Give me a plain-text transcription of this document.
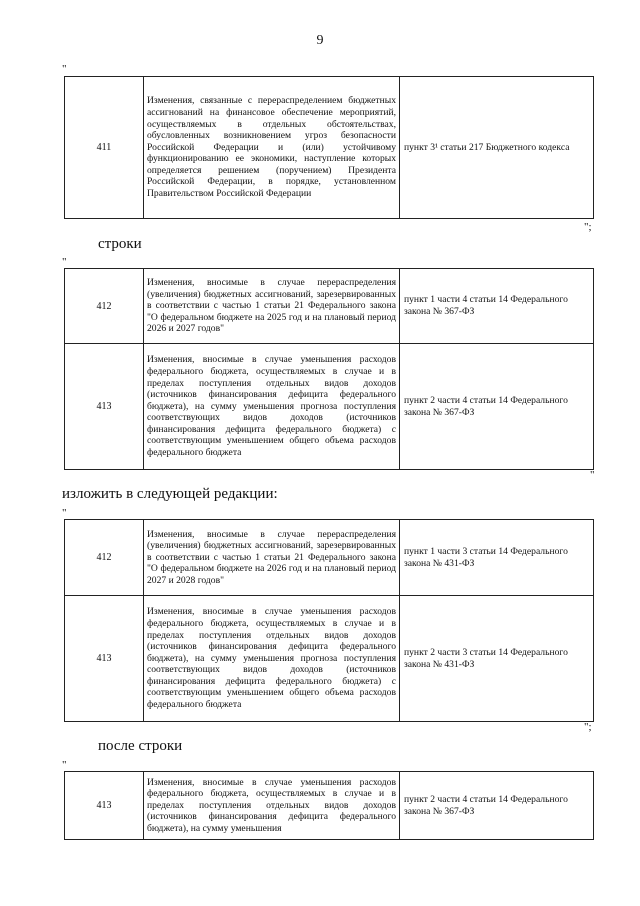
9
"
411	Изменения, связанные с перераспределением бюджетных ассигнований на финансовое обеспечение мероприятий, осуществляемых в отдельных обстоятельствах, обусловленных возникновением угроз безопасности Российской Федерации и (или) устойчивому функционированию ее экономики, наступление которых определяется решением (поручением) Президента Российской Федерации, в порядке, установленном Правительством Российской Федерации	пункт 3¹ статьи 217 Бюджетного кодекса
";
строки
"
412	Изменения, вносимые в случае перераспределения (увеличения) бюджетных ассигнований, зарезервированных в соответствии с частью 1 статьи 21 Федерального закона "О федеральном бюджете на 2025 год и на плановый период 2026 и 2027 годов"	пункт 1 части 4 статьи 14 Федерального закона № 367-ФЗ
413	Изменения, вносимые в случае уменьшения расходов федерального бюджета, осуществляемых в случае и в пределах поступления отдельных видов доходов (источников финансирования дефицита федерального бюджета), на сумму уменьшения прогноза поступления соответствующих видов доходов (источников финансирования дефицита федерального бюджета) с соответствующим уменьшением общего объема расходов федерального бюджета	пункт 2 части 4 статьи 14 Федерального закона № 367-ФЗ
"
изложить в следующей редакции:
"
412	Изменения, вносимые в случае перераспределения (увеличения) бюджетных ассигнований, зарезервированных в соответствии с частью 1 статьи 21 Федерального закона "О федеральном бюджете на 2026 год и на плановый период 2027 и 2028 годов"	пункт 1 части 3 статьи 14 Федерального закона № 431-ФЗ
413	Изменения, вносимые в случае уменьшения расходов федерального бюджета, осуществляемых в случае и в пределах поступления отдельных видов доходов (источников финансирования дефицита федерального бюджета), на сумму уменьшения прогноза поступления соответствующих видов доходов (источников финансирования дефицита федерального бюджета) с соответствующим уменьшением общего объема расходов федерального бюджета	пункт 2 части 3 статьи 14 Федерального закона № 431-ФЗ
";
после строки
"
413	Изменения, вносимые в случае уменьшения расходов федерального бюджета, осуществляемых в случае и в пределах поступления отдельных видов доходов (источников финансирования дефицита федерального бюджета), на сумму уменьшения	пункт 2 части 4 статьи 14 Федерального закона № 367-ФЗ
